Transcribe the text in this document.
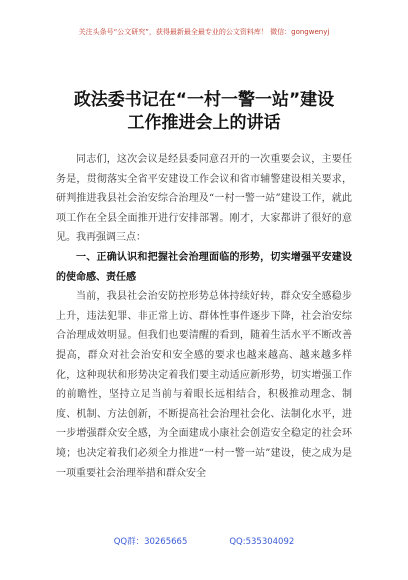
关注头条号“公文研究”，获得最新最全最专业的公文资料库！ 微信：gongwenyj
政法委书记在“一村一警一站”建设
工作推进会上的讲话

同志们，这次会议是经县委同意召开的一次重要会议，主要任务是，贯彻落实全省平安建设工作会议和省市辅警建设相关要求，研判推进我县社会治安综合治理及“一村一警一站”建设工作，就此项工作在全县全面推开进行安排部署。刚才，大家都讲了很好的意见。我再强调三点：

一、正确认识和把握社会治理面临的形势，切实增强平安建设的使命感、责任感

当前，我县社会治安防控形势总体持续好转，群众安全感稳步上升，违法犯罪、非正常上访、群体性事件逐步下降，社会治安综合治理成效明显。但我们也要清醒的看到，随着生活水平不断改善提高，群众对社会治安和安全感的要求也越来越高、越来越多样化，这种现状和形势决定着我们要主动适应新形势，切实增强工作的前瞻性，坚持立足当前与着眼长远相结合，积极推动理念、制度、机制、方法创新，不断提高社会治理社会化、法制化水平，进一步增强群众安全感，为全面建成小康社会创造安全稳定的社会环境；也决定着我们必须全力推进“一村一警一站”建设，使之成为是一项重要社会治理举措和群众安全

QQ群：30265665	QQ:535304092
